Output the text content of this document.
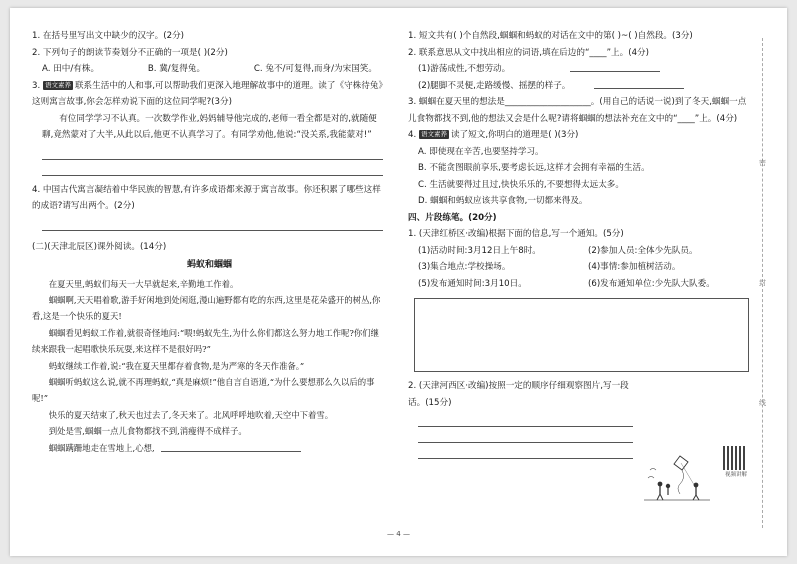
1. 在括号里写出文中缺少的汉字。(2分)

2. 下列句子的朗读节奏划分不正确的一项是( )(2分)

A. 田中/有株。	B. 冀/复得兔。	C. 兔不/可复得,而身/为宋国笑。

3. 语文素养 联系生活中的人和事,可以帮助我们更深入地理解故事中的道理。读了《守株待兔》这则寓言故事,你会怎样劝说下面的这位同学呢?(3分)

有位同学学习不认真。一次数学作业,妈妈辅导他完成的,老师一看全都是对的,就随便聊,竟然蒙对了大半,从此以后,他更不认真学习了。有同学劝他,他说:“没关系,我能蒙对!”

4. 中国古代寓言凝结着中华民族的智慧,有许多成语都来源于寓言故事。你还积累了哪些这样的成语?请写出两个。(2分)

(二)(天津北辰区)课外阅读。(14分)

蚂蚁和蝈蝈

在夏天里,蚂蚁们每天一大早就起来,辛勤地工作着。

蝈蝈啊,天天唱着歌,游手好闲地到处闲逛,漫山遍野都有吃的东西,这里是花朵盛开的树丛,你看,这是一个快乐的夏天!

蝈蝈看见蚂蚁工作着,就很奇怪地问:“喂!蚂蚁先生,为什么你们都这么努力地工作呢?你们继续来跟我一起唱歌快乐玩耍,来这样不是很好吗?”

蚂蚁继续工作着,说:“我在夏天里都存着食物,是为严寒的冬天作准备。”

蝈蝈听蚂蚁这么说,就不再理蚂蚁,“真是麻烦!”他自言自语道,“为什么要想那么久以后的事呢!”

快乐的夏天结束了,秋天也过去了,冬天来了。北风呼呼地吹着,天空中下着雪。

到处是雪,蝈蝈一点儿食物都找不到,消瘦得不成样子。

蝈蝈蹒跚地走在雪地上,心想,

1. 短文共有( )个自然段,蝈蝈和蚂蚁的对话在文中的第( )~( )自然段。(3分)

2. 联系意思从文中找出相应的词语,填在后边的“____”上。(4分)

(1)游荡成性,不想劳动。

(2)腿脚不灵便,走路缓慢、摇摆的样子。

3. 蝈蝈在夏天里的想法是____________________。(用自己的话说一说)到了冬天,蝈蝈一点儿食物都找不到,他的想法又会是什么呢?请将蝈蝈的想法补充在文中的“____”上。(4分)

4. 语文素养 读了短文,你明白的道理是( )(3分)

A. 即使现在辛苦,也要坚持学习。

B. 不能贪图眼前享乐,要考虑长远,这样才会拥有幸福的生活。

C. 生活就要得过且过,快快乐乐的,不要想得太远太多。

D. 蝈蝈和蚂蚁应该共享食物,一切都来得及。

四、片段练笔。(20分)

1. (天津红桥区·改编)根据下面的信息,写一个通知。(5分)

(1)活动时间:3月12日上午8时。	(2)参加人员:全体少先队员。
(3)集合地点:学校操场。	(4)事情:参加植树活动。
(5)发布通知时间:3月10日。	(6)发布通知单位:少先队大队委。

2. (天津河西区·改编)按照一定的顺序仔细观察图片,写一段话。(15分)

视频讲解
密
封
线
— 4 —
